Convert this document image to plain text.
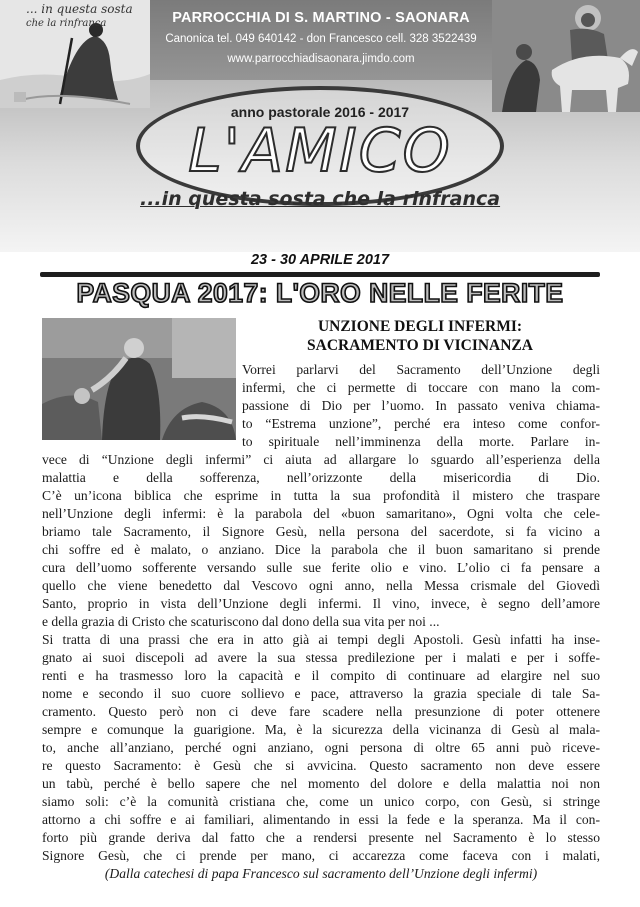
... in questa sosta
che la rinfranca	PARROCCHIA DI S. MARTINO - SAONARA
Canonica tel. 049 640142 - don Francesco cell. 328 3522439
www.parrocchiadisaonara.jimdo.com
anno pastorale 2016 - 2017
L'AMICO
...in questa sosta che la rinfranca
23 - 30 APRILE 2017
PASQUA 2017: L'ORO NELLE FERITE
UNZIONE DEGLI INFERMI:
SACRAMENTO DI VICINANZA
Vorrei parlarvi del Sacramento dell’Unzione degli
infermi, che ci permette di toccare con mano la com-
passione di Dio per l’uomo. In passato veniva chiama-
to “Estrema unzione”, perché era inteso come confor-
to spirituale nell’imminenza della morte. Parlare in-
vece di “Unzione degli infermi” ci aiuta ad allargare lo sguardo all’esperienza della
malattia e della sofferenza, nell’orizzonte della misericordia di Dio.
C’è un’icona biblica che esprime in tutta la sua profondità il mistero che traspare
nell’Unzione degli infermi: è la parabola del «buon samaritano», Ogni volta che cele-
briamo tale Sacramento, il Signore Gesù, nella persona del sacerdote, si fa vicino a
chi soffre ed è malato, o anziano. Dice la parabola che il buon samaritano si prende
cura dell’uomo sofferente versando sulle sue ferite olio e vino. L’olio ci fa pensare a
quello che viene benedetto dal Vescovo ogni anno, nella Messa crismale del Giovedì
Santo, proprio in vista dell’Unzione degli infermi. Il vino, invece, è segno dell’amore
e della grazia di Cristo che scaturiscono dal dono della sua vita per noi ...
Si tratta di una prassi che era in atto già ai tempi degli Apostoli. Gesù infatti ha inse-
gnato ai suoi discepoli ad avere la sua stessa predilezione per i malati e per i soffe-
renti e ha trasmesso loro la capacità e il compito di continuare ad elargire nel suo
nome e secondo il suo cuore sollievo e pace, attraverso la grazia speciale di tale Sa-
cramento. Questo però non ci deve fare scadere nella presunzione di poter ottenere
sempre e comunque la guarigione. Ma, è la sicurezza della vicinanza di Gesù al mala-
to, anche all’anziano, perché ogni anziano, ogni persona di oltre 65 anni può riceve-
re questo Sacramento: è Gesù che si avvicina. Questo sacramento non deve essere
un tabù, perché è bello sapere che nel momento del dolore e della malattia noi non
siamo soli: c’è la comunità cristiana che, come un unico corpo, con Gesù, si stringe
attorno a chi soffre e ai familiari, alimentando in essi la fede e la speranza. Ma il con-
forto più grande deriva dal fatto che a rendersi presente nel Sacramento è lo stesso
Signore Gesù, che ci prende per mano, ci accarezza come faceva con i malati,
(Dalla catechesi di papa Francesco sul sacramento dell’Unzione degli infermi)
